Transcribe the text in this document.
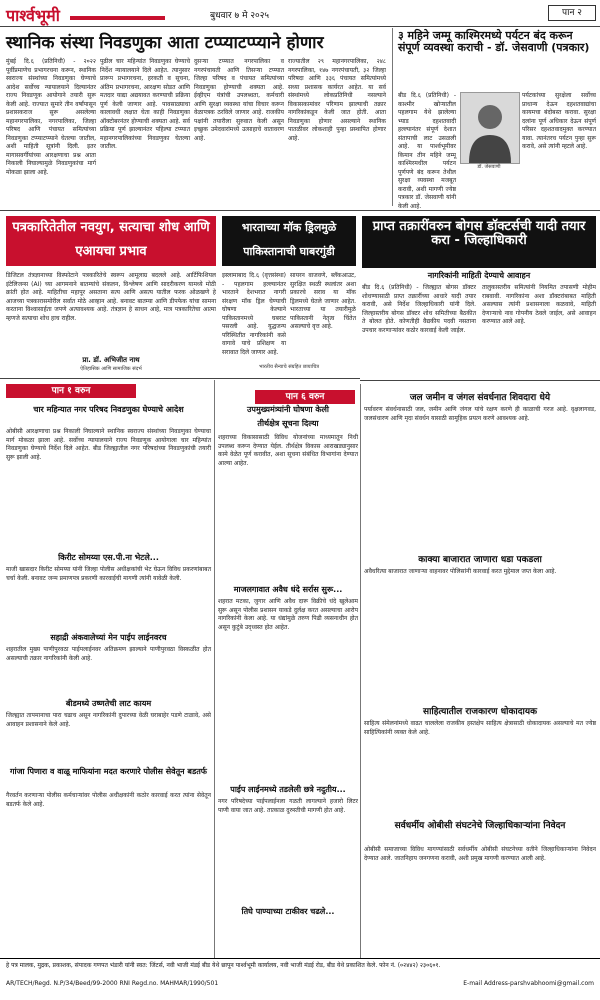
पार्श्वभूमी	बुधवार ७ मे २०२५	पान २
स्थानिक संस्था निवडणुका आता टप्प्याटप्प्याने होणार
मुंबई दि.६ (प्रतिनिधी) - २०२२ पूर्वीप्रमाणेच प्रभागरचना करून, स्थानिक स्वराज्य संस्थांच्या निवडणुका घेण्याचे आदेश सर्वोच्च न्यायालयाने दिल्यानंतर राज्य निवडणूक आयोगाने तयारी सुरू केली आहे. राज्यात सुमारे तीन वर्षांपासून प्रशासकराज सुरू असलेल्या महानगरपालिका, नगरपालिका, जिल्हा परिषद आणि पंचायत समित्यांच्या निवडणुका टप्प्याटप्प्याने घेतल्या जातील, अशी माहिती सूत्रांनी दिली. इतर मागासवर्गीयांच्या आरक्षणाचा प्रश्न आता निकाली निघाल्यामुळे निवडणुकांचा मार्ग मोकळा झाला आहे.
पुढील चार महिन्यांत निवडणुका घेण्याचे निर्देश न्यायालयाने दिले आहेत. त्यानुसार प्रारूप प्रभागरचना, हरकती व सूचना, अंतिम प्रभागरचना, आरक्षण सोडत आणि मतदार याद्या अद्ययावत करण्याची प्रक्रिया पूर्ण केली जाणार आहे. पावसाळ्याचा कालावधी लक्षात घेता काही निवडणुका ऑक्टोबरनंतर होण्याची शक्यता आहे. सर्व प्रक्रिया पूर्ण झाल्यानंतर पहिल्या टप्प्यात महानगरपालिकांच्या निवडणुका घेतल्या जातील.
दुसऱ्या टप्प्यात नगरपालिका व नगरपंचायती आणि तिसऱ्या टप्प्यात जिल्हा परिषद व पंचायत समित्यांच्या निवडणुका होण्याची शक्यता आहे. ईव्हीएम यंत्रांची उपलब्धता, कर्मचारी आणि सुरक्षा व्यवस्था यांचा विचार करून वेळापत्रक ठरविले जाणार आहे. राजकीय पक्षांनी तयारीला सुरुवात केली असून इच्छुक उमेदवारांमध्ये उत्साहाचे वातावरण आहे.
राज्यातील २९ महानगरपालिका, २४८ नगरपालिका, १४७ नगरपंचायती, ३२ जिल्हा परिषदा आणि ३३६ पंचायत समित्यांमध्ये सध्या प्रशासक कार्यरत आहेत. या सर्व संस्थांमध्ये लोकप्रतिनिधी नसल्याने विकासकामांवर परिणाम झाल्याची तक्रार नागरिकांकडून केली जात होती. आता निवडणुका होणार असल्याने स्थानिक पातळीवर लोकशाही पुन्हा प्रस्थापित होणार आहे.
३ महिने जम्मू काश्मिरमध्ये पर्यटन बंद करून संपूर्ण व्यवस्था कराची - डॉ. जेसवाणी (पत्रकार)
बीड दि.६ (प्रतिनिधी) - काश्मीर खोऱ्यातील पहलगाम येथे झालेल्या भ्याड दहशतवादी हल्ल्यानंतर संपूर्ण देशात संतापाची लाट उसळली आहे. या पार्श्वभूमीवर किमान तीन महिने जम्मू काश्मिरमधील पर्यटन पूर्णपणे बंद करून तेथील सुरक्षा व्यवस्था मजबूत करावी, अशी मागणी ज्येष्ठ पत्रकार डॉ. जेसवाणी यांनी केली आहे.
डॉ. जेसवाणी
पर्यटकांच्या सुरक्षेला सर्वोच्च प्राधान्य देऊन दहशतवाद्यांचा कायमचा बंदोबस्त करावा. सुरक्षा दलांना पूर्ण अधिकार देऊन संपूर्ण परिसर दहशतवादमुक्त करण्यात यावा. त्यानंतरच पर्यटन पुन्हा सुरू करावे, असे त्यांनी म्हटले आहे.
पत्रकारितेतील नवयुग, सत्याचा शोध आणि एआयचा प्रभाव
डिजिटल तंत्रज्ञानाच्या विस्फोटाने पत्रकारितेचे स्वरूप आमूलाग्र बदलले आहे. आर्टिफिशियल इंटेलिजन्स (AI) च्या आगमनाने बातम्यांचे संकलन, विश्लेषण आणि सादरीकरण यामध्ये मोठी क्रांती होत आहे. माहितीचा महापूर असताना सत्य आणि असत्य यातील फरक ओळखणे हे आजच्या पत्रकारासमोरील सर्वात मोठे आव्हान आहे. बनावट बातम्या आणि डीपफेक यांचा सामना करताना विश्वासार्हता जपणे अत्यावश्यक आहे. तंत्रज्ञान हे साधन आहे, मात्र पत्रकारितेचा आत्मा म्हणजे सत्याचा शोध हाच राहील.
प्रा. डॉ. अभिजीत नाथ
ऐतिहासिक आणि सामाजिक संदर्भ
भारताच्या मॉक ड्रिलमुळे पाकिस्तानाची घाबरगुंडी
इस्लामाबाद दि.६ (वृत्तसंस्था) - पहलगाम हल्ल्यानंतर भारताने देशभरात नागरी संरक्षण मॉक ड्रिल घेण्याची घोषणा केल्याने पाकिस्तानमध्ये घबराट पसरली आहे. युद्धजन्य परिस्थितीत नागरिकांनी कसे वागावे याचे प्रशिक्षण या सरावात दिले जाणार आहे.
सायरन वाजवणे, ब्लॅकआउट, सुरक्षित स्थळी स्थलांतर अशा प्रकारचे सराव या मॉक ड्रिलमध्ये घेतले जाणार आहेत. भारताच्या या तयारीमुळे पाकिस्तानी नेतृत्व चिंतेत असल्याचे वृत्त आहे.
भारतीय सैन्याचे संग्रहित छायाचित्र
प्राप्त तक्रारींवरुन बोगस डॉक्टर्सची यादी तयार करा - जिल्हाधिकारी
नागरिकांनी माहिती देण्याचे आवाहन
बीड दि.६ (प्रतिनिधी) - जिल्ह्यात बोगस डॉक्टर शोधण्यासाठी प्राप्त तक्रारींच्या आधारे यादी तयार करावी, असे निर्देश जिल्हाधिकारी यांनी दिले. जिल्हास्तरीय बोगस डॉक्टर शोध समितीच्या बैठकीत ते बोलत होते. कोणतीही वैद्यकीय पदवी नसताना उपचार करणाऱ्यांवर कठोर कारवाई केली जाईल.
तालुकास्तरीय समित्यांनी नियमित तपासणी मोहीम राबवावी. नागरिकांना अशा डॉक्टरांबाबत माहिती असल्यास त्यांनी प्रशासनाला कळवावे, माहिती देणाऱ्याचे नाव गोपनीय ठेवले जाईल, असे आवाहन करण्यात आले आहे.
पान १ वरुन
चार महिन्यात नगर परिषद निवडणुका घेण्याचे आदेश
ओबीसी आरक्षणाचा प्रश्न निकाली निघाल्याने स्थानिक स्वराज्य संस्थांच्या निवडणुका घेण्याचा मार्ग मोकळा झाला आहे. सर्वोच्च न्यायालयाने राज्य निवडणूक आयोगाला चार महिन्यांत निवडणुका घेण्याचे निर्देश दिले आहेत. बीड जिल्ह्यातील नगर परिषदांच्या निवडणुकांची तयारी सुरू झाली आहे.
किरीट सोमय्या एस.पी.ना भेटले...
माजी खासदार किरीट सोमय्या यांनी जिल्हा पोलीस अधीक्षकांची भेट घेऊन विविध प्रकरणांबाबत चर्चा केली. बनावट जन्म प्रमाणपत्र प्रकरणी कारवाईची मागणी त्यांनी यावेळी केली.
सहाद्री अंकवालेच्यां मेन पाईप लाईनवरच
शहरातील मुख्य पाणीपुरवठा पाईपलाईनवर अतिक्रमण झाल्याने पाणीपुरवठा विस्कळीत होत असल्याची तक्रार नागरिकांनी केली आहे.
बीडमध्ये उष्णतेची लाट कायम
जिल्ह्यात तापमानाचा पारा चढाच असून नागरिकांनी दुपारच्या वेळी घराबाहेर पडणे टाळावे, असे आवाहन प्रशासनाने केले आहे.
गांजा पिणारा व वाळू माफियांना मदत करणारे पोलीस सेवेतून बडतर्फ
गैरवर्तन करणाऱ्या पोलीस कर्मचाऱ्यांवर पोलीस अधीक्षकांनी कठोर कारवाई करत त्यांना सेवेतून बडतर्फ केले आहे.
उपमुख्यमंत्र्यांनी घोषणा केली
तीर्थक्षेत्र सूचना दिल्या
शहराच्या विकासासाठी विविध योजनांच्या माध्यमातून निधी उपलब्ध करून देण्यात येईल. तीर्थक्षेत्र विकास आराखड्यानुसार कामे वेळेत पूर्ण करावीत, अशा सूचना संबंधित विभागांना देण्यात आल्या आहेत.
माजलगावात अवैध धंदे सर्रास सुरू...
शहरात मटका, जुगार आणि अवैध दारू विक्रीचे धंदे खुलेआम सुरू असून पोलीस प्रशासन याकडे दुर्लक्ष करत असल्याचा आरोप नागरिकांनी केला आहे. या धंद्यांमुळे तरुण पिढी व्यसनाधीन होत असून कुटुंबे उद्ध्वस्त होत आहेत.
पाईप लाईनमध्ये तडलेली छत्रे नदुतीय...
नगर परिषदेच्या पाईपलाईनला गळती लागल्याने हजारो लिटर पाणी वाया जात आहे. तात्काळ दुरुस्तीची मागणी होत आहे.
तिघे पाण्याच्या टाकीवर चढले...
पान ६ वरुन	जल जमीन व जंगल संवर्धनात शिवदारा धेये
पर्यावरण संवर्धनासाठी जल, जमीन आणि जंगल यांचे रक्षण करणे ही काळाची गरज आहे. वृक्षलागवड, जलसंधारण आणि मृदा संवर्धन यासाठी सामूहिक प्रयत्न करणे आवश्यक आहे.
काक्या बाजारात जाणारा धडा पकडला
अवैधरित्या बाजारात जाणाऱ्या वाहनावर पोलिसांनी कारवाई करत मुद्देमाल जप्त केला आहे.
साहित्यातील राजकारण धोकादायक
साहित्य संमेलनांमध्ये वाढत चाललेला राजकीय हस्तक्षेप साहित्य क्षेत्रासाठी धोकादायक असल्याचे मत ज्येष्ठ साहित्यिकांनी व्यक्त केले आहे.
सर्वधर्मीय ओबीसी संघटनेचे जिल्हाधिकाऱ्यांना निवेदन
ओबीसी समाजाच्या विविध मागण्यांसाठी सर्वधर्मीय ओबीसी संघटनेच्या वतीने जिल्हाधिकाऱ्यांना निवेदन देण्यात आले. जातनिहाय जनगणना करावी, अशी प्रमुख मागणी करण्यात आली आहे.
हे पत्र मालक, मुद्रक, प्रकाशक, संपादक गणपत भंडारी यांनी स्वत: जिंटर्स, नवी भाजी मंडई बीड येथे छापून पार्श्वभूमी कार्यालय, नवी भाजी मंडई रोड, बीड येथे प्रकाशित केले. फोन नं. (०२४४२) २३०६०१.
AR/TECH/Regd. N.P/34/Beed/99-2000 RNI Regd.no. MAHMAR/1990/501	E-mail Address-parshvabhoomi@gmail.com
